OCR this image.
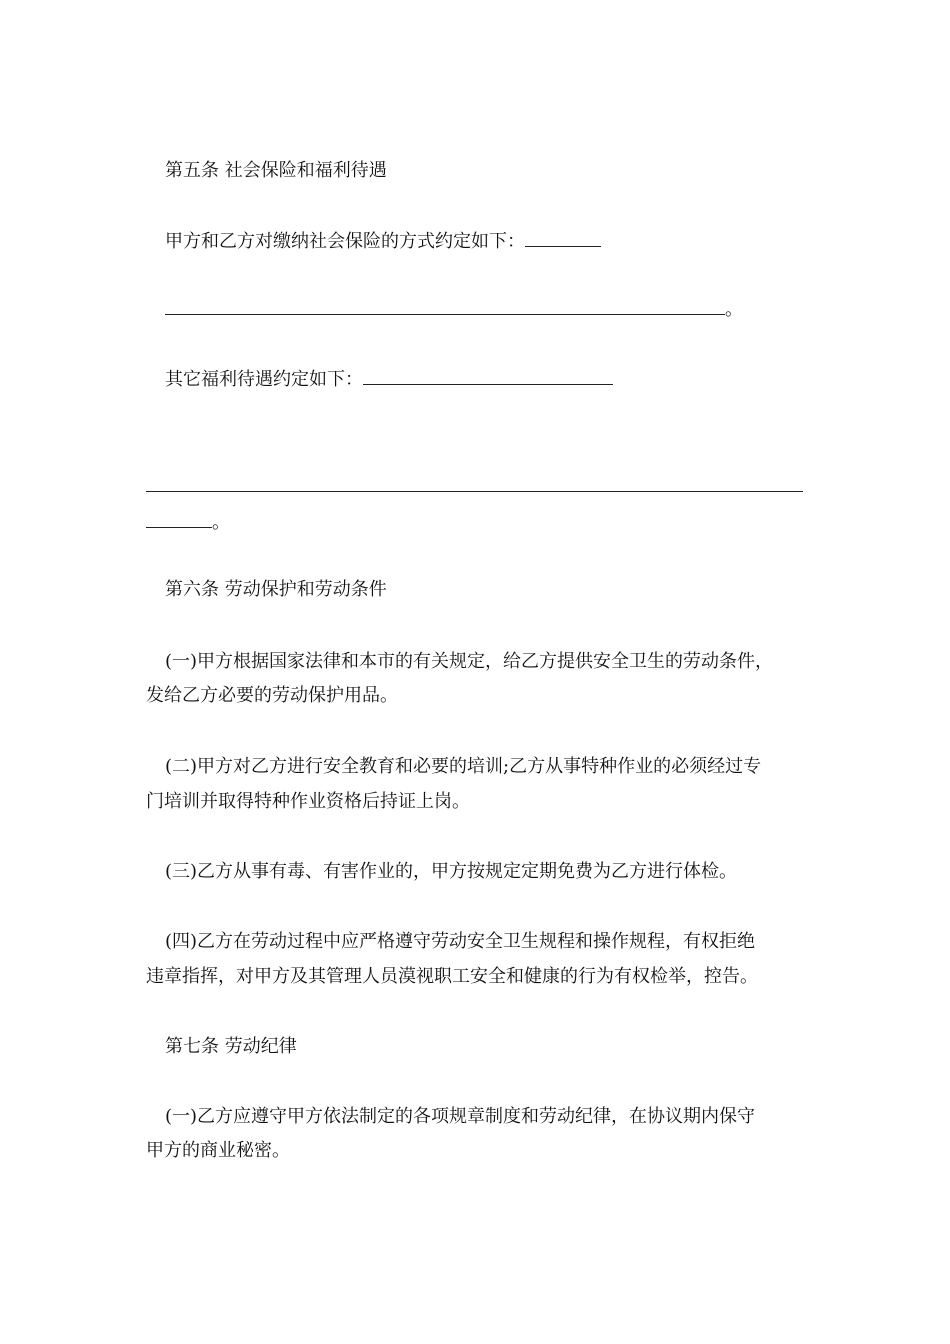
第五条 社会保险和福利待遇

甲方和乙方对缴纳社会保险的方式约定如下：

。

其它福利待遇约定如下：

。

第六条 劳动保护和劳动条件

(一)甲方根据国家法律和本市的有关规定，给乙方提供安全卫生的劳动条件，

发给乙方必要的劳动保护用品。

(二)甲方对乙方进行安全教育和必要的培训;乙方从事特种作业的必须经过专

门培训并取得特种作业资格后持证上岗。

(三)乙方从事有毒、有害作业的，甲方按规定定期免费为乙方进行体检。

(四)乙方在劳动过程中应严格遵守劳动安全卫生规程和操作规程，有权拒绝

违章指挥，对甲方及其管理人员漠视职工安全和健康的行为有权检举，控告。

第七条 劳动纪律

(一)乙方应遵守甲方依法制定的各项规章制度和劳动纪律，在协议期内保守

甲方的商业秘密。
